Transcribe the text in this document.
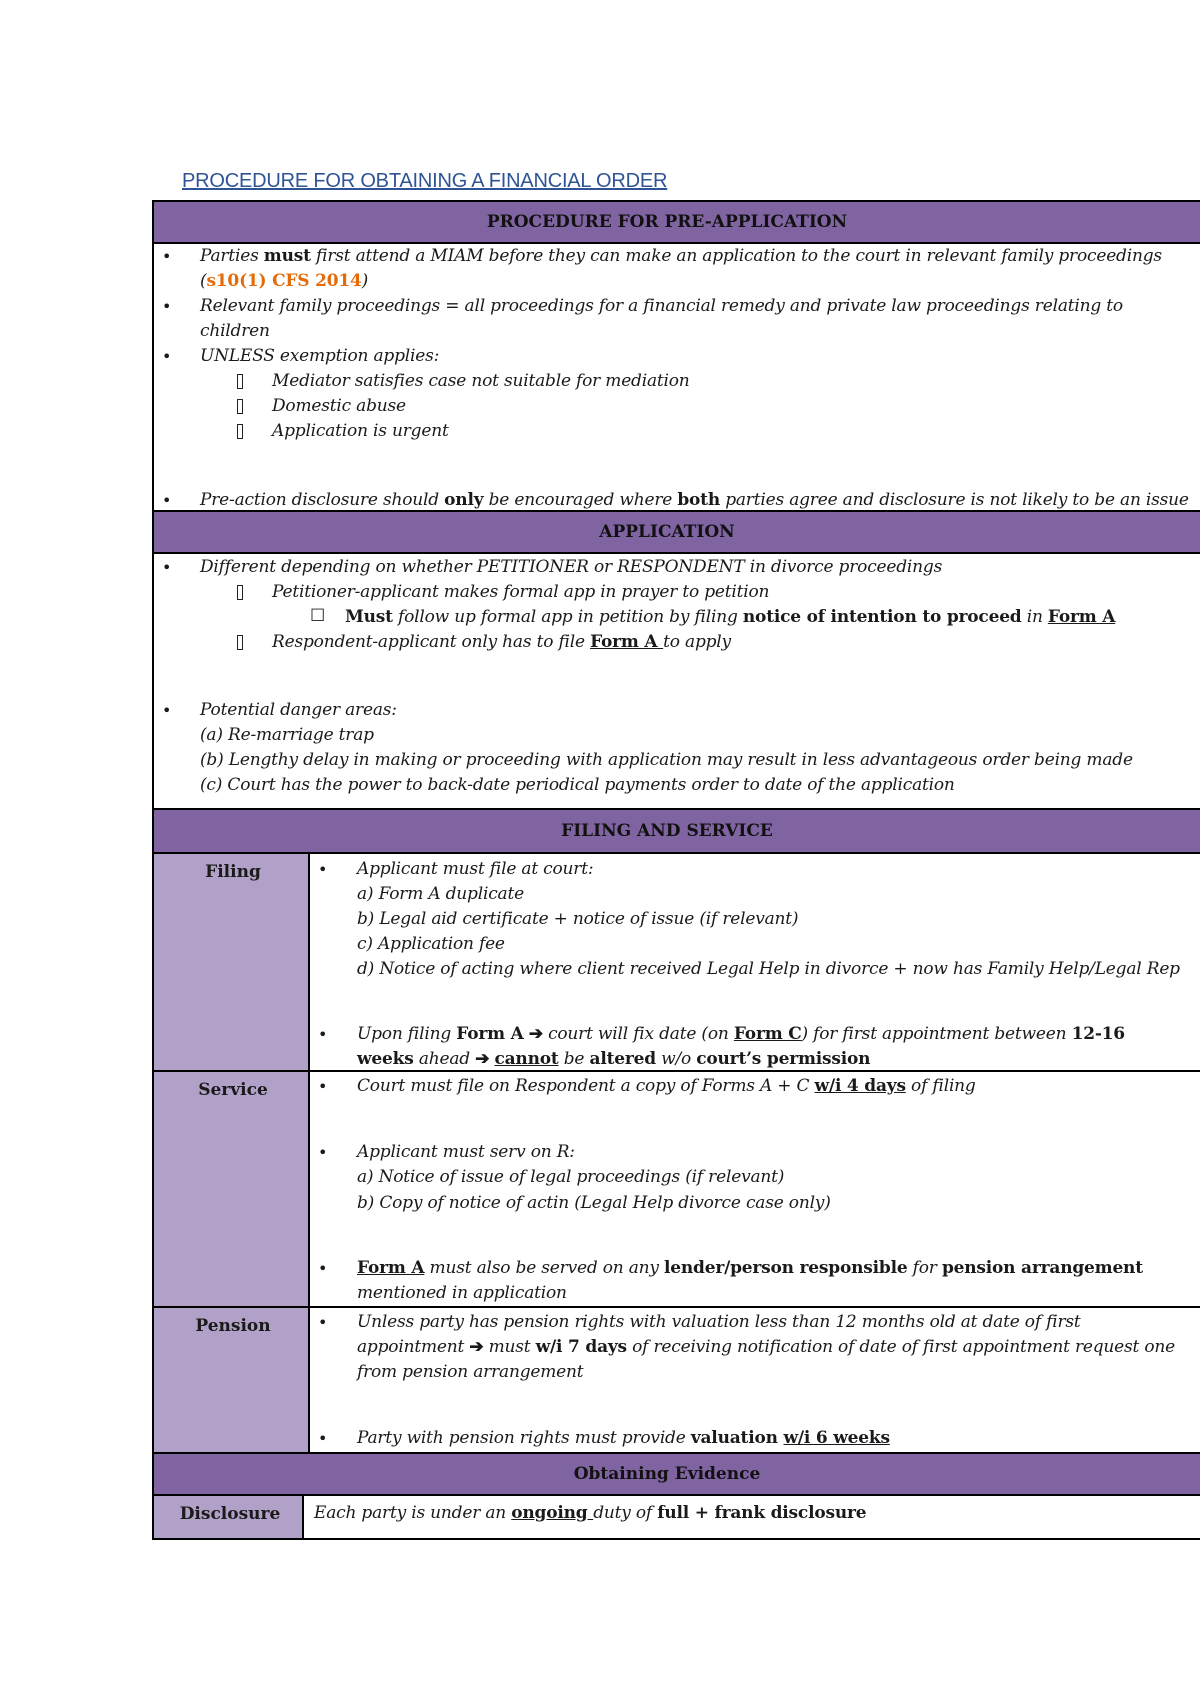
PROCEDURE FOR OBTAINING A FINANCIAL ORDER
PROCEDURE FOR PRE-APPLICATION
• Parties must first attend a MIAM before they can make an application to the court in relevant family proceedings
(s10(1) CFS 2014)
• Relevant family proceedings = all proceedings for a financial remedy and private law proceedings relating to
children
• UNLESS exemption applies:
Mediator satisfies case not suitable for mediation
Domestic abuse
Application is urgent
• Pre-action disclosure should only be encouraged where both parties agree and disclosure is not likely to be an issue
APPLICATION
• Different depending on whether PETITIONER or RESPONDENT in divorce proceedings
Petitioner-applicant makes formal app in prayer to petition
☐ Must follow up formal app in petition by filing notice of intention to proceed in Form A
Respondent-applicant only has to file Form A to apply
• Potential danger areas:
(a) Re-marriage trap
(b) Lengthy delay in making or proceeding with application may result in less advantageous order being made
(c) Court has the power to back-date periodical payments order to date of the application
FILING AND SERVICE
Filing	• Applicant must file at court:
a) Form A duplicate
b) Legal aid certificate + notice of issue (if relevant)
c) Application fee
d) Notice of acting where client received Legal Help in divorce + now has Family Help/Legal Rep
• Upon filing Form A ➔ court will fix date (on Form C) for first appointment between 12-16
weeks ahead ➔ cannot be altered w/o court’s permission
Service	• Court must file on Respondent a copy of Forms A + C w/i 4 days of filing
• Applicant must serv on R:
a) Notice of issue of legal proceedings (if relevant)
b) Copy of notice of actin (Legal Help divorce case only)
• Form A must also be served on any lender/person responsible for pension arrangement
mentioned in application
Pension	• Unless party has pension rights with valuation less than 12 months old at date of first
appointment ➔ must w/i 7 days of receiving notification of date of first appointment request one
from pension arrangement
• Party with pension rights must provide valuation w/i 6 weeks
Obtaining Evidence
Disclosure	Each party is under an ongoing duty of full + frank disclosure
